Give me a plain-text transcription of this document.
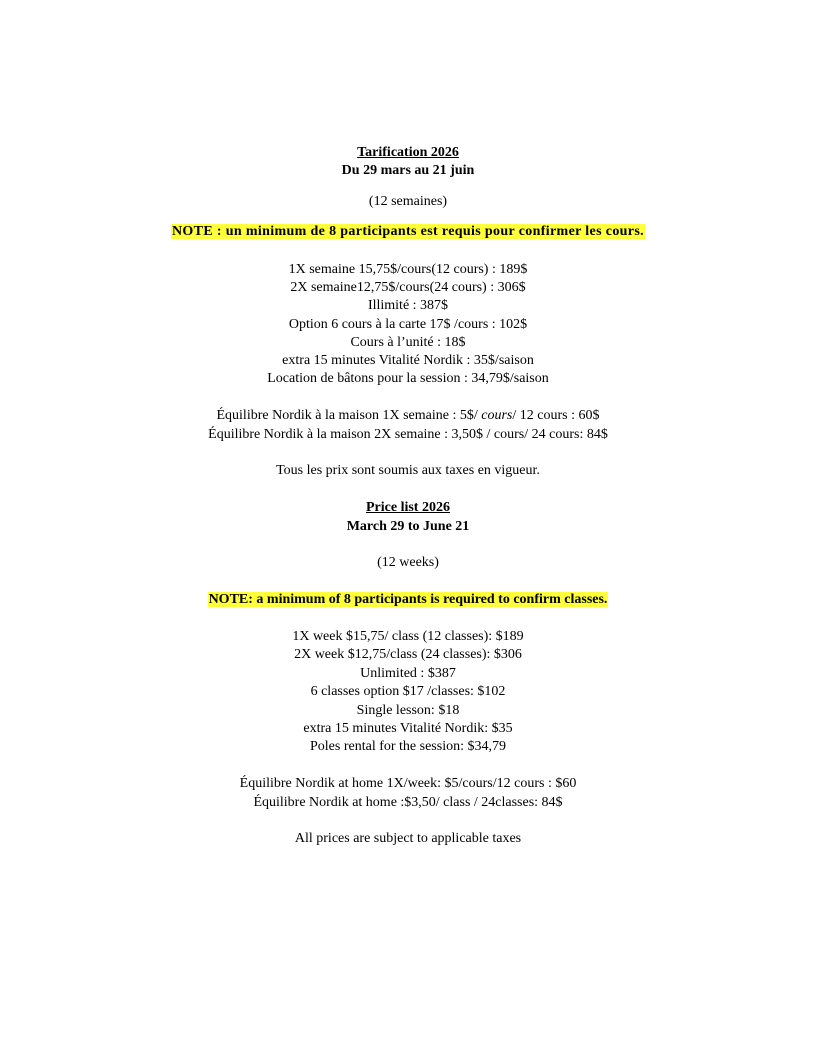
Tarification 2026
Du 29 mars au 21 juin
(12 semaines)
NOTE : un minimum de 8 participants est requis pour confirmer les cours.
1X semaine 15,75$/cours(12 cours) : 189$
2X semaine12,75$/cours(24 cours) : 306$
Illimité : 387$
Option 6 cours à la carte 17$ /cours : 102$
Cours à l’unité : 18$
extra 15 minutes Vitalité Nordik : 35$/saison
Location de bâtons pour la session : 34,79$/saison
Équilibre Nordik à la maison 1X semaine : 5$/ cours/ 12 cours : 60$
Équilibre Nordik à la maison 2X semaine : 3,50$ / cours/ 24 cours: 84$
Tous les prix sont soumis aux taxes en vigueur.
Price list 2026
March 29 to June 21
(12 weeks)
NOTE: a minimum of 8 participants is required to confirm classes.
1X week $15,75/ class (12 classes): $189
2X week $12,75/class (24 classes): $306
Unlimited : $387
6 classes option $17 /classes: $102
Single lesson: $18
extra 15 minutes Vitalité Nordik: $35
Poles rental for the session: $34,79
Équilibre Nordik at home 1X/week: $5/cours/12 cours : $60
Équilibre Nordik at home :$3,50/ class / 24classes: 84$
All prices are subject to applicable taxes
